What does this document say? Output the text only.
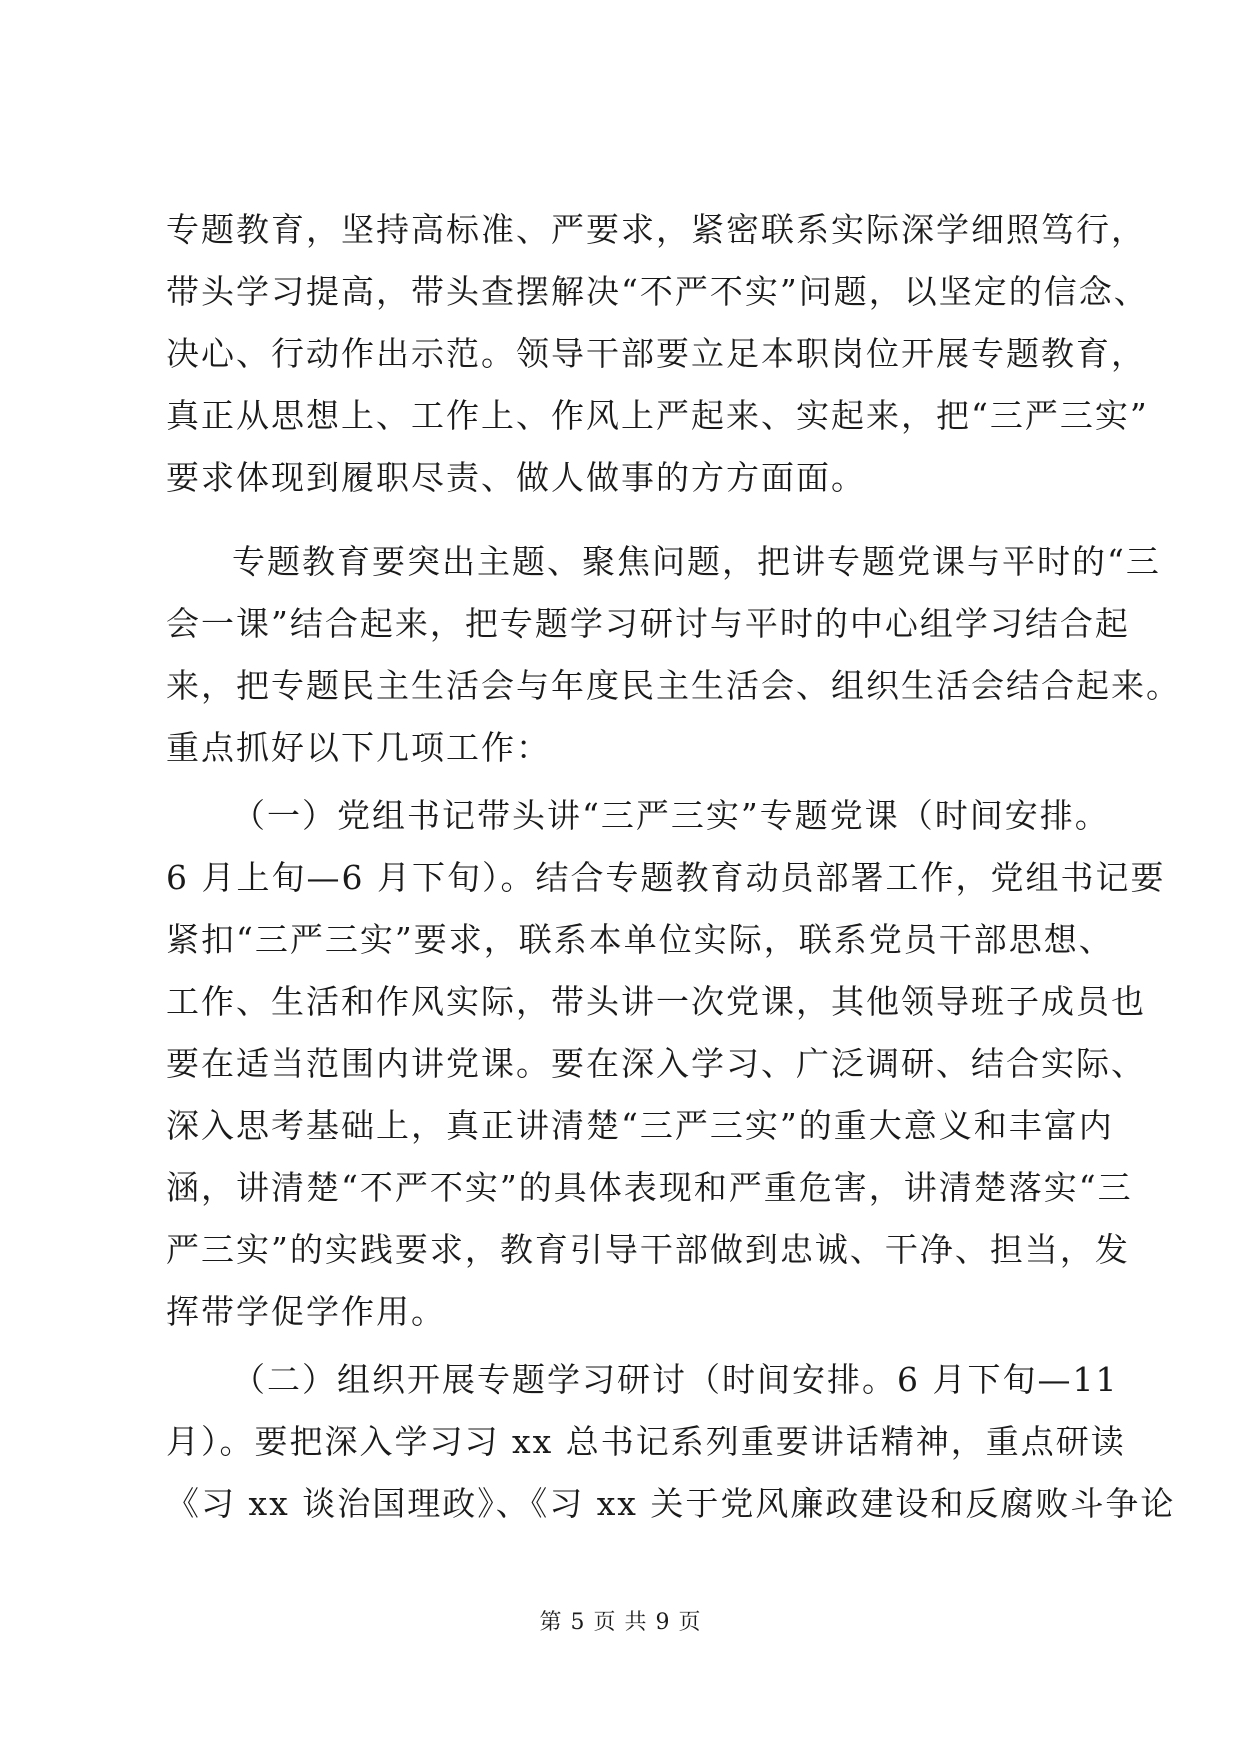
专题教育，坚持高标准、严要求，紧密联系实际深学细照笃行，
带头学习提高，带头查摆解决“不严不实”问题，以坚定的信念、
决心、行动作出示范。领导干部要立足本职岗位开展专题教育，
真正从思想上、工作上、作风上严起来、实起来，把“三严三实”
要求体现到履职尽责、做人做事的方方面面。
专题教育要突出主题、聚焦问题，把讲专题党课与平时的“三
会一课”结合起来，把专题学习研讨与平时的中心组学习结合起
来，把专题民主生活会与年度民主生活会、组织生活会结合起来。
重点抓好以下几项工作：
（一）党组书记带头讲“三严三实”专题党课（时间安排。
6 月上旬—6 月下旬）。结合专题教育动员部署工作，党组书记要
紧扣“三严三实”要求，联系本单位实际，联系党员干部思想、
工作、生活和作风实际，带头讲一次党课，其他领导班子成员也
要在适当范围内讲党课。要在深入学习、广泛调研、结合实际、
深入思考基础上，真正讲清楚“三严三实”的重大意义和丰富内
涵，讲清楚“不严不实”的具体表现和严重危害，讲清楚落实“三
严三实”的实践要求，教育引导干部做到忠诚、干净、担当，发
挥带学促学作用。
（二）组织开展专题学习研讨（时间安排。6 月下旬—11
月）。要把深入学习习 xx 总书记系列重要讲话精神，重点研读
《习 xx 谈治国理政》、《习 xx 关于党风廉政建设和反腐败斗争论
第 5 页 共 9 页
